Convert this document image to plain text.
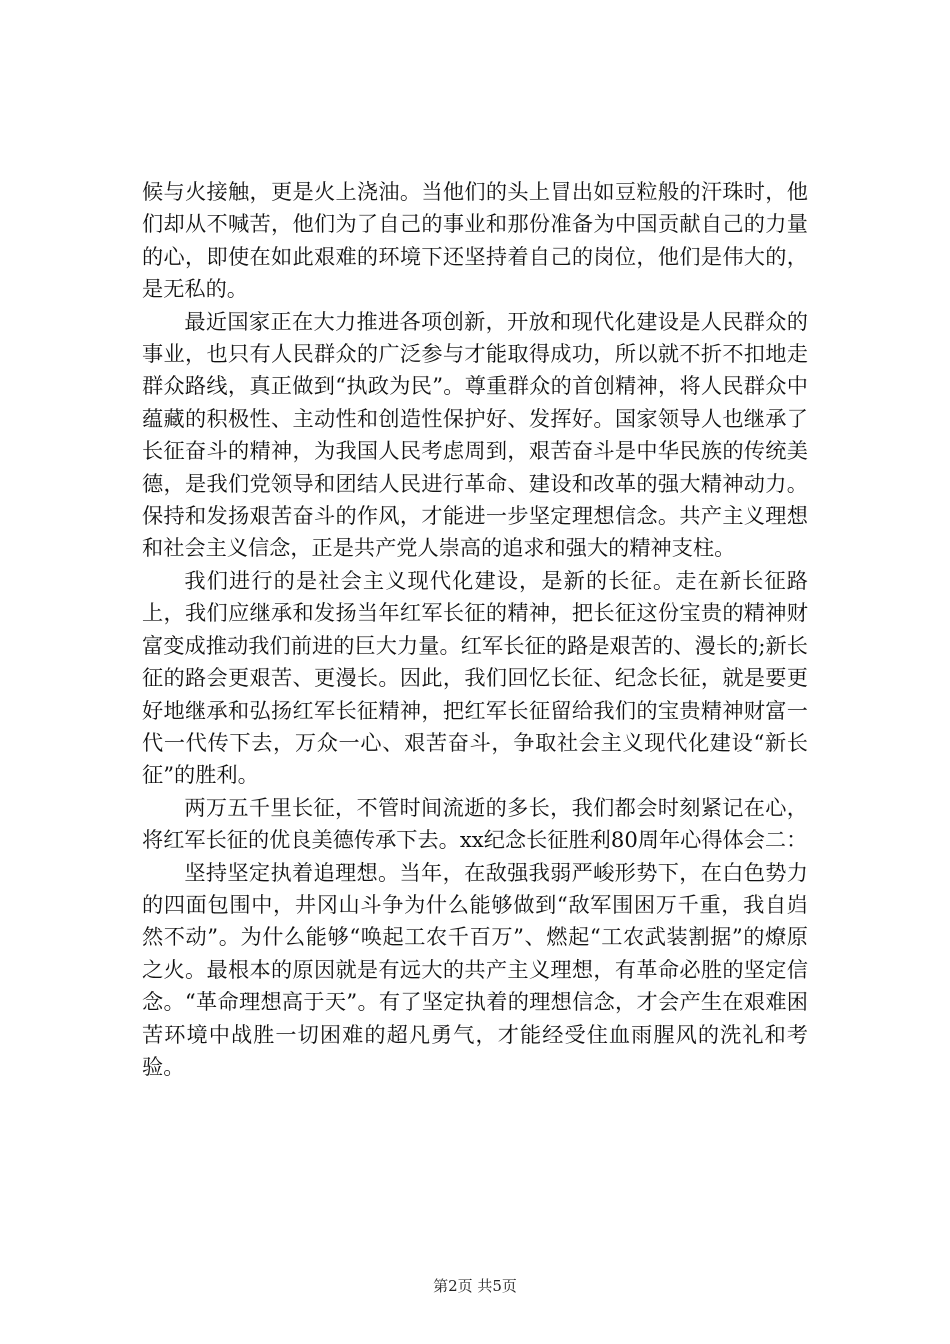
候与火接触，更是火上浇油。当他们的头上冒出如豆粒般的汗珠时，他们却从不喊苦，他们为了自己的事业和那份准备为中国贡献自己的力量的心，即使在如此艰难的环境下还坚持着自己的岗位，他们是伟大的，是无私的。

最近国家正在大力推进各项创新，开放和现代化建设是人民群众的事业，也只有人民群众的广泛参与才能取得成功，所以就不折不扣地走群众路线，真正做到“执政为民”。尊重群众的首创精神，将人民群众中蕴藏的积极性、主动性和创造性保护好、发挥好。国家领导人也继承了长征奋斗的精神，为我国人民考虑周到，艰苦奋斗是中华民族的传统美德，是我们党领导和团结人民进行革命、建设和改革的强大精神动力。保持和发扬艰苦奋斗的作风，才能进一步坚定理想信念。共产主义理想和社会主义信念，正是共产党人崇高的追求和强大的精神支柱。

我们进行的是社会主义现代化建设，是新的长征。走在新长征路上，我们应继承和发扬当年红军长征的精神，把长征这份宝贵的精神财富变成推动我们前进的巨大力量。红军长征的路是艰苦的、漫长的;新长征的路会更艰苦、更漫长。因此，我们回忆长征、纪念长征，就是要更好地继承和弘扬红军长征精神，把红军长征留给我们的宝贵精神财富一代一代传下去，万众一心、艰苦奋斗，争取社会主义现代化建设“新长征”的胜利。

两万五千里长征，不管时间流逝的多长，我们都会时刻紧记在心，将红军长征的优良美德传承下去。xx纪念长征胜利80周年心得体会二：

坚持坚定执着追理想。当年，在敌强我弱严峻形势下，在白色势力的四面包围中，井冈山斗争为什么能够做到“敌军围困万千重，我自岿然不动”。为什么能够“唤起工农千百万”、燃起“工农武装割据”的燎原之火。最根本的原因就是有远大的共产主义理想，有革命必胜的坚定信念。“革命理想高于天”。有了坚定执着的理想信念，才会产生在艰难困苦环境中战胜一切困难的超凡勇气，才能经受住血雨腥风的洗礼和考验。

第2页 共5页
